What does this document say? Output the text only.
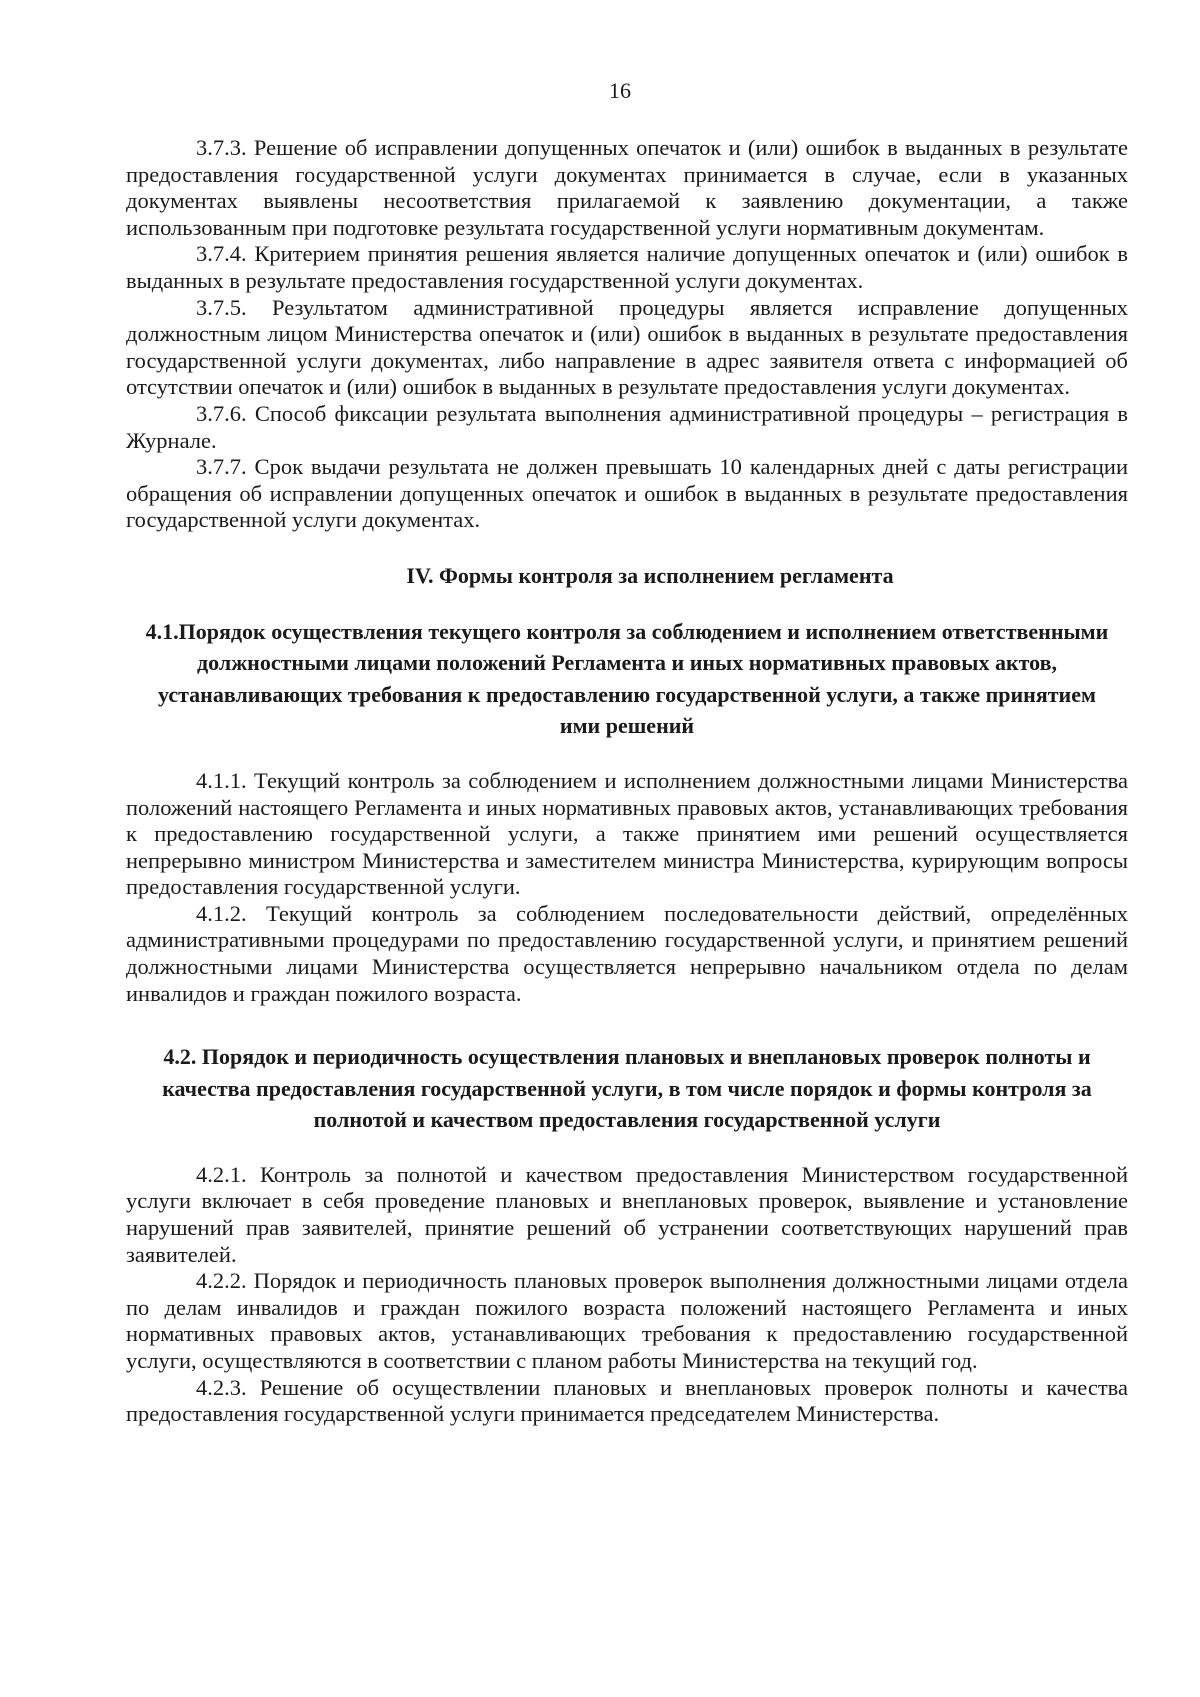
16

3.7.3. Решение об исправлении допущенных опечаток и (или) ошибок в выданных в результате предоставления государственной услуги документах принимается в случае, если в указанных документах выявлены несоответствия прилагаемой к заявлению документации, а также использованным при подготовке результата государственной услуги нормативным документам.

3.7.4. Критерием принятия решения является наличие допущенных опечаток и (или) ошибок в выданных в результате предоставления государственной услуги документах.

3.7.5. Результатом административной процедуры является исправление допущенных должностным лицом Министерства опечаток и (или) ошибок в выданных в результате предоставления государственной услуги документах, либо направление в адрес заявителя ответа с информацией об отсутствии опечаток и (или) ошибок в выданных в результате предоставления услуги документах.

3.7.6. Способ фиксации результата выполнения административной процедуры – регистрация в Журнале.

3.7.7. Срок выдачи результата не должен превышать 10 календарных дней с даты регистрации обращения об исправлении допущенных опечаток и ошибок в выданных в результате предоставления государственной услуги документах.

IV. Формы контроля за исполнением регламента
4.1.Порядок осуществления текущего контроля за соблюдением и исполнением ответственными должностными лицами положений Регламента и иных нормативных правовых актов, устанавливающих требования к предоставлению государственной услуги, а также принятием ими решений

4.1.1. Текущий контроль за соблюдением и исполнением должностными лицами Министерства положений настоящего Регламента и иных нормативных правовых актов, устанавливающих требования к предоставлению государственной услуги, а также принятием ими решений осуществляется непрерывно министром Министерства и заместителем министра Министерства, курирующим вопросы предоставления государственной услуги.

4.1.2. Текущий контроль за соблюдением последовательности действий, определённых административными процедурами по предоставлению государственной услуги, и принятием решений должностными лицами Министерства осуществляется непрерывно начальником отдела по делам инвалидов и граждан пожилого возраста.

4.2. Порядок и периодичность осуществления плановых и внеплановых проверок полноты и качества предоставления государственной услуги, в том числе порядок и формы контроля за полнотой и качеством предоставления государственной услуги

4.2.1. Контроль за полнотой и качеством предоставления Министерством государственной услуги включает в себя проведение плановых и внеплановых проверок, выявление и установление нарушений прав заявителей, принятие решений об устранении соответствующих нарушений прав заявителей.

4.2.2. Порядок и периодичность плановых проверок выполнения должностными лицами отдела по делам инвалидов и граждан пожилого возраста положений настоящего Регламента и иных нормативных правовых актов, устанавливающих требования к предоставлению государственной услуги, осуществляются в соответствии с планом работы Министерства на текущий год.

4.2.3. Решение об осуществлении плановых и внеплановых проверок полноты и качества предоставления государственной услуги принимается председателем Министерства.
